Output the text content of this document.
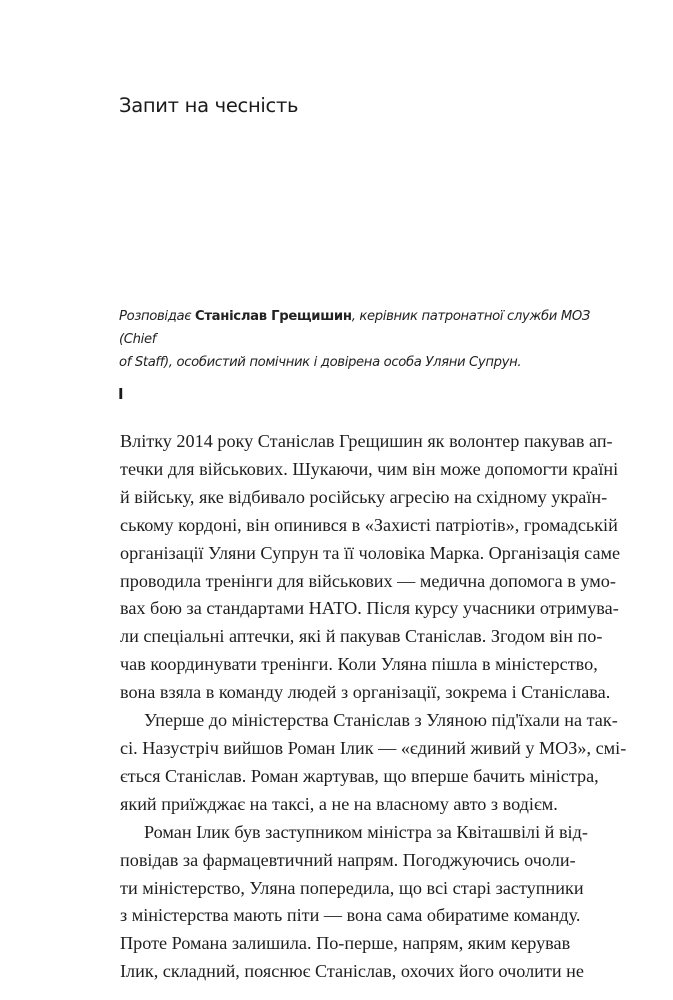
Запит на чесність
Розповідає Станіслав Грещишин, керівник патронатної служби МОЗ (Chief
of Staff), особистий помічник і довірена особа Уляни Супрун.
I
Влітку 2014 року Станіслав Грещишин як волонтер пакував ап-
течки для військових. Шукаючи, чим він може допомогти країні
й війську, яке відбивало російську агресію на східному україн-
ському кордоні, він опинився в «Захисті патріотів», громадській
організації Уляни Супрун та її чоловіка Марка. Організація саме
проводила тренінги для військових — медична допомога в умо-
вах бою за стандартами НАТО. Після курсу учасники отримува-
ли спеціальні аптечки, які й пакував Станіслав. Згодом він по-
чав координувати тренінги. Коли Уляна пішла в міністерство,
вона взяла в команду людей з організації, зокрема і Станіслава.
Уперше до міністерства Станіслав з Уляною під'їхали на так-
сі. Назустріч вийшов Роман Ілик — «єдиний живий у МОЗ», смі-
ється Станіслав. Роман жартував, що вперше бачить міністра,
який приїжджає на таксі, а не на власному авто з водієм.
Роман Ілик був заступником міністра за Квіташвілі й від-
повідав за фармацевтичний напрям. Погоджуючись очоли-
ти міністерство, Уляна попередила, що всі старі заступники
з міністерства мають піти — вона сама обиратиме команду.
Проте Романа залишила. По-перше, напрям, яким керував
Ілик, складний, пояснює Станіслав, охочих його очолити не
